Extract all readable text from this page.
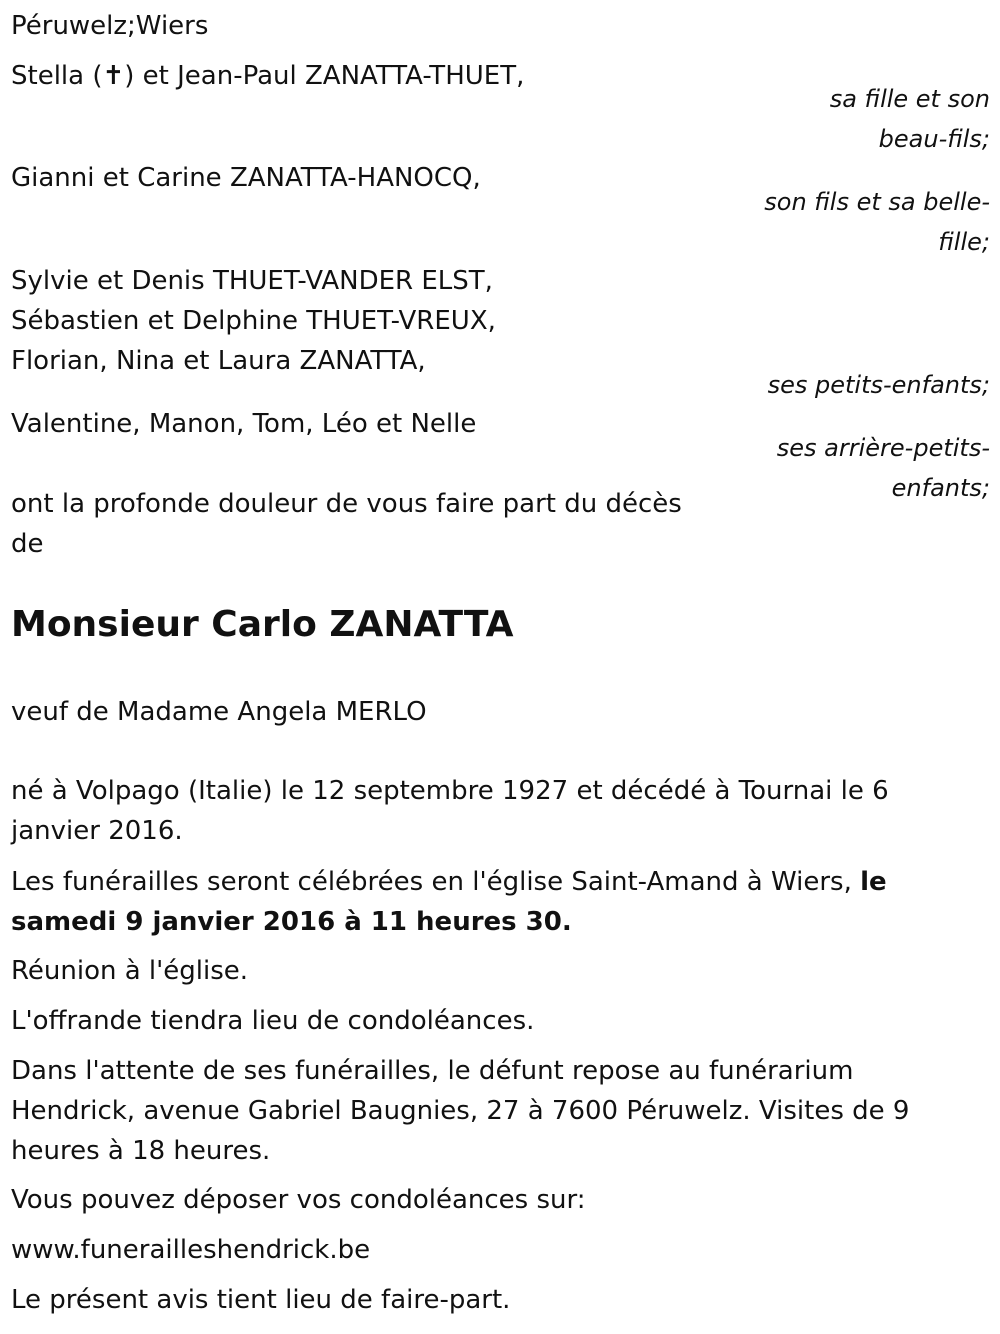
Péruwelz;Wiers
Stella (✝) et Jean-Paul ZANATTA-THUET,
sa fille et son
beau-fils;
Gianni et Carine ZANATTA-HANOCQ,
son fils et sa belle-
fille;
Sylvie et Denis THUET-VANDER ELST,
Sébastien et Delphine THUET-VREUX,
Florian, Nina et Laura ZANATTA,
ses petits-enfants;
Valentine, Manon, Tom, Léo et Nelle
ses arrière-petits-
enfants;
ont la profonde douleur de vous faire part du décès
de
Monsieur Carlo ZANATTA
veuf de Madame Angela MERLO
né à Volpago (Italie) le 12 septembre 1927 et décédé à Tournai le 6
janvier 2016.
Les funérailles seront célébrées en l'église Saint-Amand à Wiers, le
samedi 9 janvier 2016 à 11 heures 30.
Réunion à l'église.
L'offrande tiendra lieu de condoléances.
Dans l'attente de ses funérailles, le défunt repose au funérarium
Hendrick, avenue Gabriel Baugnies, 27 à 7600 Péruwelz. Visites de 9
heures à 18 heures.
Vous pouvez déposer vos condoléances sur:
www.funerailleshendrick.be
Le présent avis tient lieu de faire-part.
